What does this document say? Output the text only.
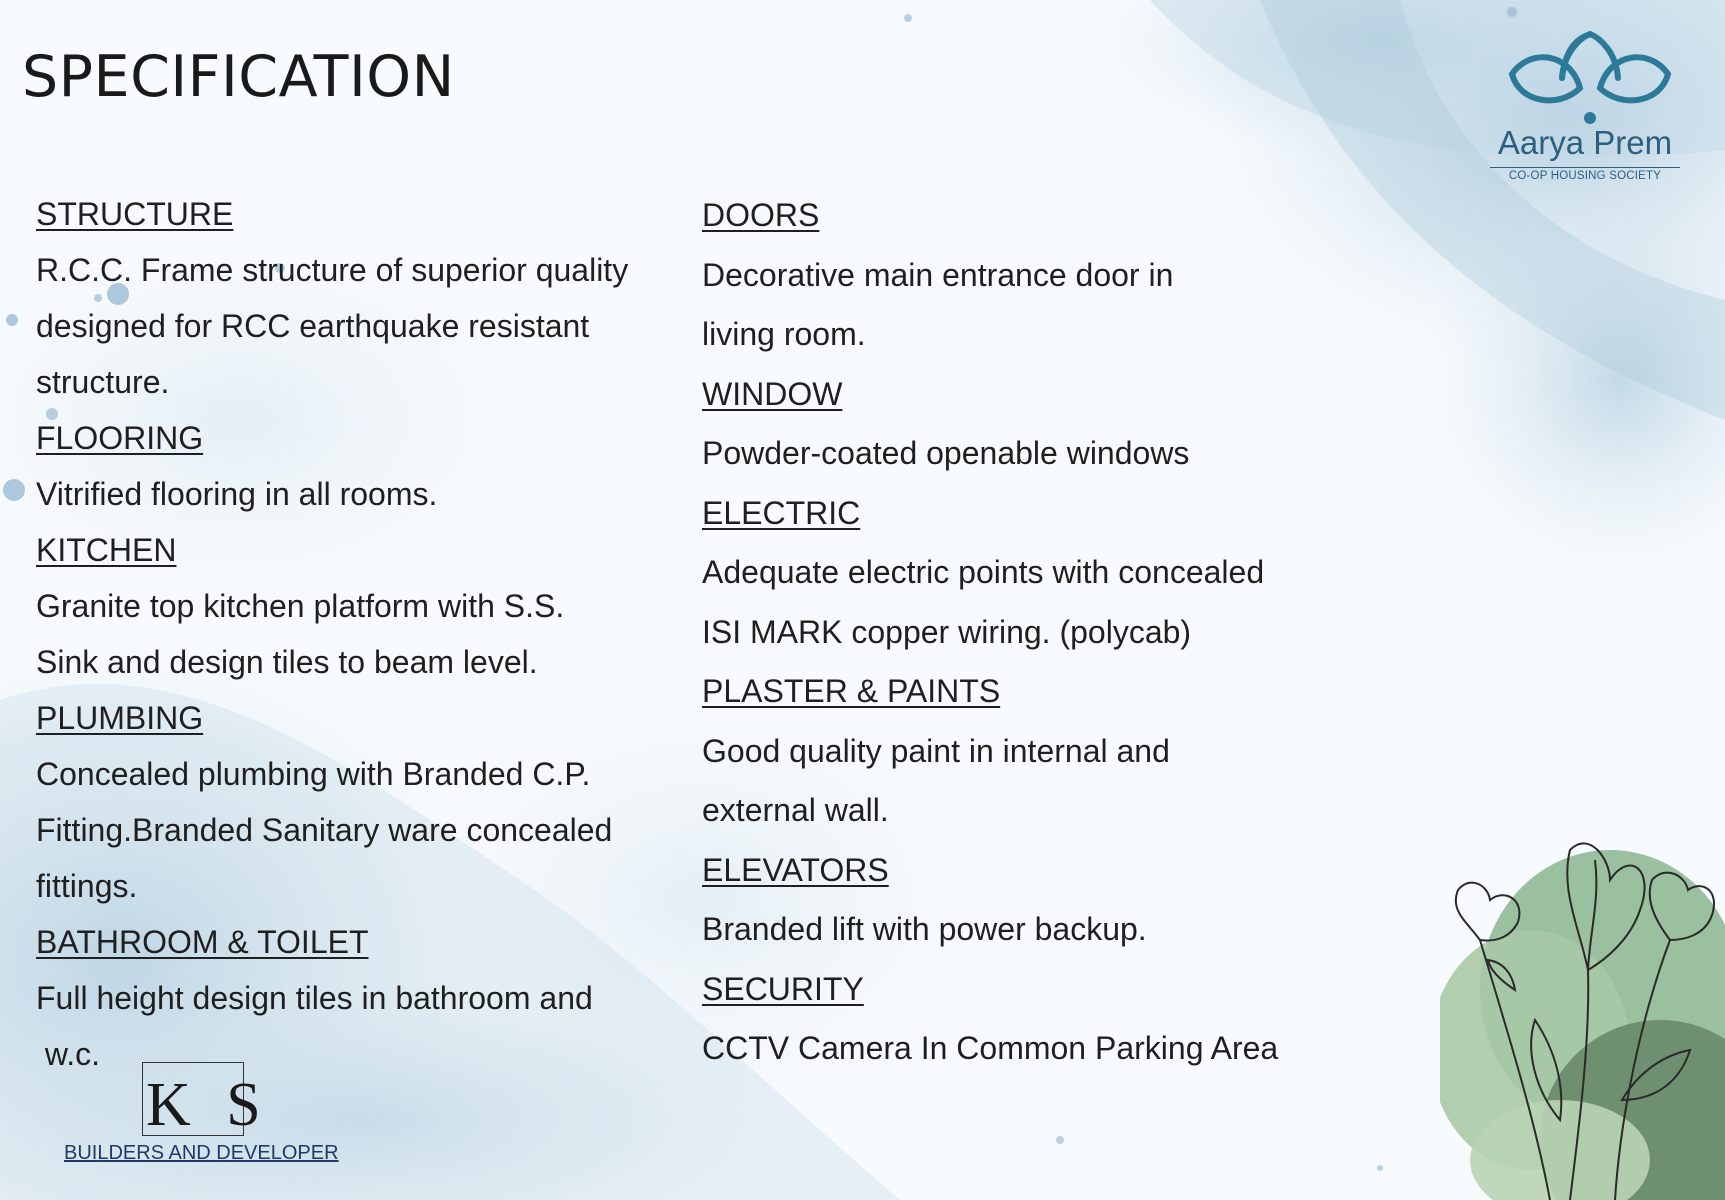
SPECIFICATION
Aarya Prem
CO-OP HOUSING SOCIETY
STRUCTURE
R.C.C. Frame structure of superior quality
designed for RCC earthquake resistant
structure.
FLOORING
Vitrified flooring in all rooms.
KITCHEN
Granite top kitchen platform with S.S.
Sink and design tiles to beam level.
PLUMBING
Concealed plumbing with Branded C.P.
Fitting.Branded Sanitary ware concealed
fittings.
BATHROOM & TOILET
Full height design tiles in bathroom and
w.c.
DOORS
Decorative main entrance door in
living room.
WINDOW
Powder-coated openable windows
ELECTRIC
Adequate electric points with concealed
ISI MARK copper wiring. (polycab)
PLASTER & PAINTS
Good quality paint in internal and
external wall.
ELEVATORS
Branded lift with power backup.
SECURITY
CCTV Camera In Common Parking Area
K S
BUILDERS AND DEVELOPER
